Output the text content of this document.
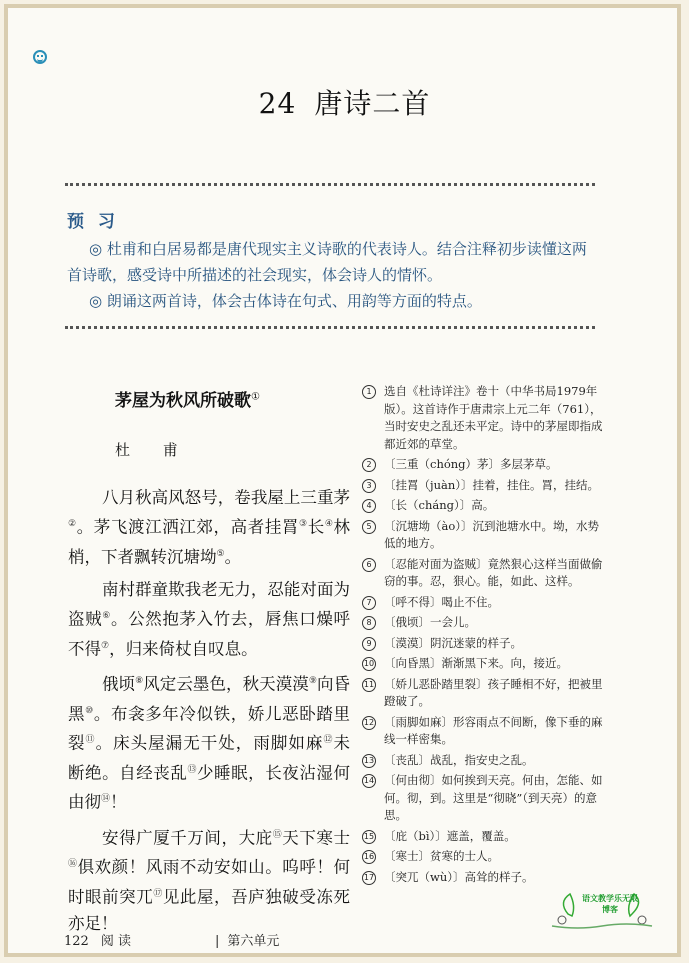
24 唐诗二首
预 习

◎ 杜甫和白居易都是唐代现实主义诗歌的代表诗人。结合注释初步读懂这两首诗歌，感受诗中所描述的社会现实，体会诗人的情怀。

◎ 朗诵这两首诗，体会古体诗在句式、用韵等方面的特点。

茅屋为秋风所破歌①
杜 甫

八月秋高风怒号，卷我屋上三重茅②。茅飞渡江洒江郊，高者挂罥③长④林梢，下者飘转沉塘坳⑤。

南村群童欺我老无力，忍能对面为盗贼⑥。公然抱茅入竹去，唇焦口燥呼不得⑦，归来倚杖自叹息。

俄顷⑧风定云墨色，秋天漠漠⑨向昏黑⑩。布衾多年冷似铁，娇儿恶卧踏里裂⑪。床头屋漏无干处，雨脚如麻⑫未断绝。自经丧乱⑬少睡眠，长夜沾湿何由彻⑭！

安得广厦千万间，大庇⑮天下寒士⑯俱欢颜！风雨不动安如山。呜呼！何时眼前突兀⑰见此屋，吾庐独破受冻死亦足！

1	选自《杜诗详注》卷十（中华书局1979年版）。这首诗作于唐肃宗上元二年（761），当时安史之乱还未平定。诗中的茅屋即指成都近郊的草堂。
2	〔三重（chóng）茅〕多层茅草。
3	〔挂罥（juàn）〕挂着，挂住。罥，挂结。
4	〔长（cháng）〕高。
5	〔沉塘坳（ào）〕沉到池塘水中。坳，水势低的地方。
6	〔忍能对面为盗贼〕竟然狠心这样当面做偷窃的事。忍，狠心。能，如此、这样。
7	〔呼不得〕喝止不住。
8	〔俄顷〕一会儿。
9	〔漠漠〕阴沉迷蒙的样子。
10 〔向昏黑〕渐渐黑下来。向，接近。
11 〔娇儿恶卧踏里裂〕孩子睡相不好，把被里蹬破了。
12 〔雨脚如麻〕形容雨点不间断，像下垂的麻线一样密集。
13 〔丧乱〕战乱，指安史之乱。
14 〔何由彻〕如何挨到天亮。何由，怎能、如何。彻，到。这里是“彻晓”（到天亮）的意思。
15 〔庇（bì）〕遮盖，覆盖。
16 〔寒士〕贫寒的士人。
17 〔突兀（wù）〕高耸的样子。
122 阅 读	| 第六单元
语文教学乐无限
博客
